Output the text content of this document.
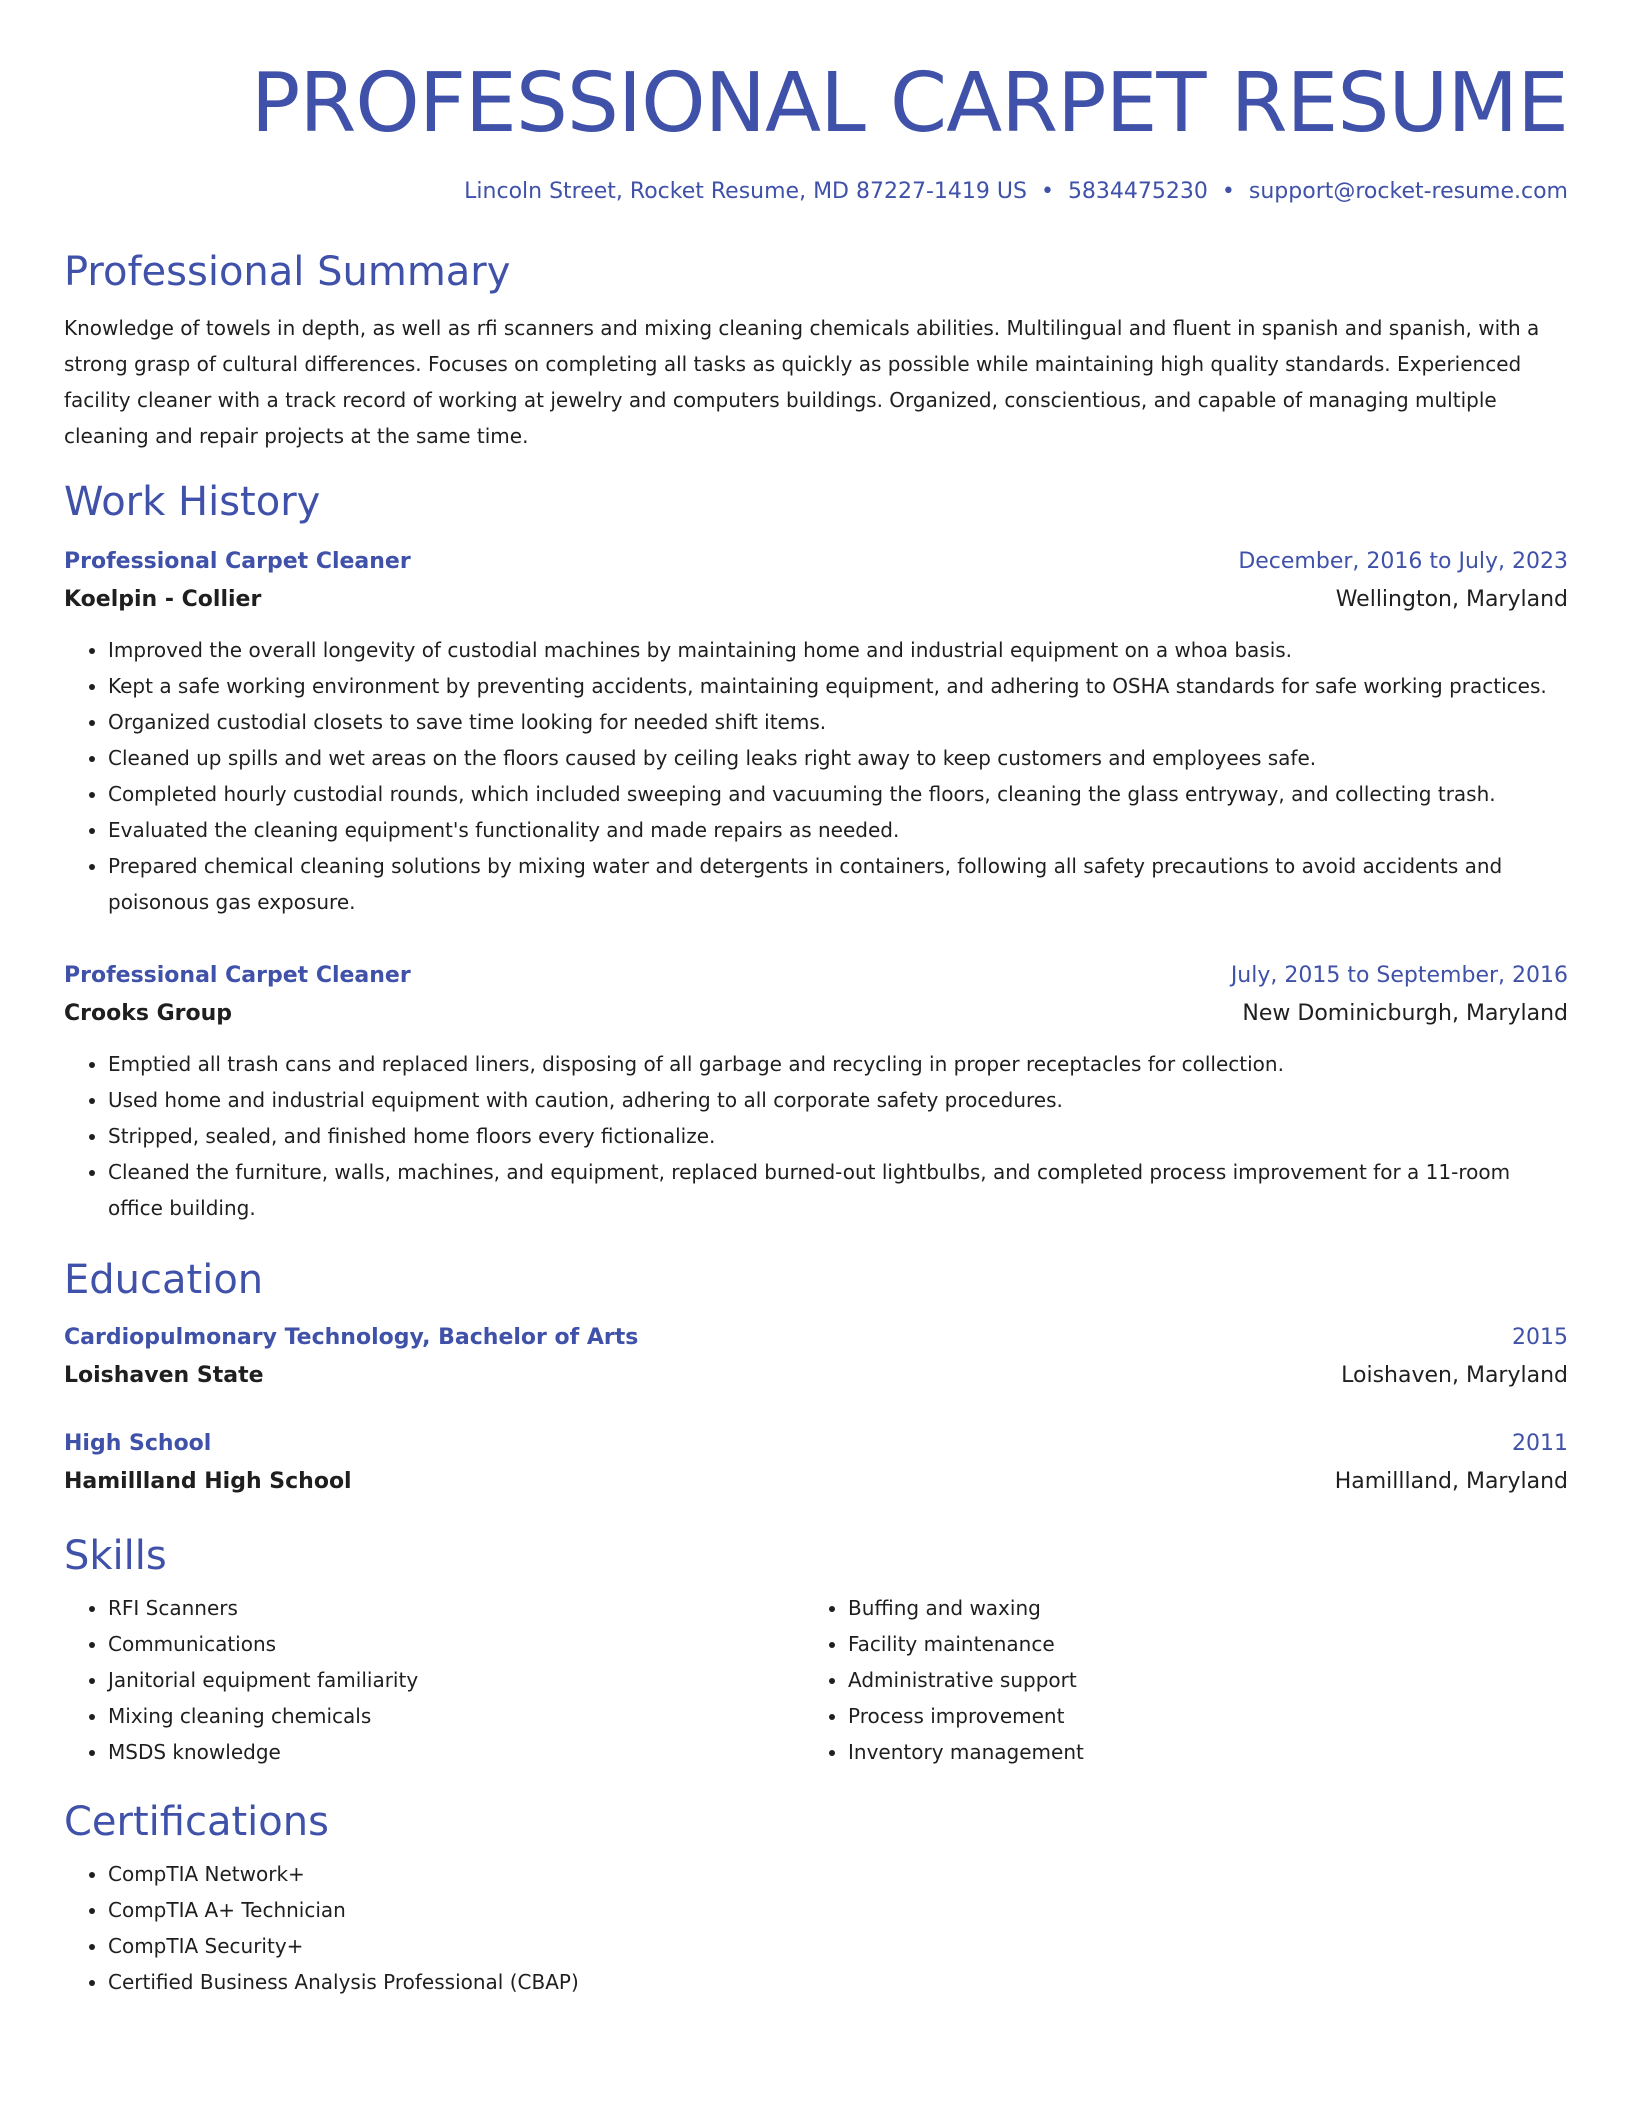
PROFESSIONAL CARPET RESUME
Lincoln Street, Rocket Resume, MD 87227-1419 US • 5834475230 • support@rocket-resume.com
Professional Summary
Knowledge of towels in depth, as well as rfi scanners and mixing cleaning chemicals abilities. Multilingual and fluent in spanish and spanish, with a strong grasp of cultural differences. Focuses on completing all tasks as quickly as possible while maintaining high quality standards. Experienced facility cleaner with a track record of working at jewelry and computers buildings. Organized, conscientious, and capable of managing multiple cleaning and repair projects at the same time.
Work History
Professional Carpet Cleaner	December, 2016 to July, 2023
Koelpin - Collier	Wellington, Maryland
• Improved the overall longevity of custodial machines by maintaining home and industrial equipment on a whoa basis.
• Kept a safe working environment by preventing accidents, maintaining equipment, and adhering to OSHA standards for safe working practices.
• Organized custodial closets to save time looking for needed shift items.
• Cleaned up spills and wet areas on the floors caused by ceiling leaks right away to keep customers and employees safe.
• Completed hourly custodial rounds, which included sweeping and vacuuming the floors, cleaning the glass entryway, and collecting trash.
• Evaluated the cleaning equipment's functionality and made repairs as needed.
• Prepared chemical cleaning solutions by mixing water and detergents in containers, following all safety precautions to avoid accidents and poisonous gas exposure.
Professional Carpet Cleaner	July, 2015 to September, 2016
Crooks Group	New Dominicburgh, Maryland
• Emptied all trash cans and replaced liners, disposing of all garbage and recycling in proper receptacles for collection.
• Used home and industrial equipment with caution, adhering to all corporate safety procedures.
• Stripped, sealed, and finished home floors every fictionalize.
• Cleaned the furniture, walls, machines, and equipment, replaced burned-out lightbulbs, and completed process improvement for a 11-room office building.
Education
Cardiopulmonary Technology, Bachelor of Arts	2015
Loishaven State	Loishaven, Maryland
High School	2011
Hamillland High School	Hamillland, Maryland
Skills
• RFI Scanners
• Communications
• Janitorial equipment familiarity
• Mixing cleaning chemicals
• MSDS knowledge
• Buffing and waxing
• Facility maintenance
• Administrative support
• Process improvement
• Inventory management
Certifications
• CompTIA Network+
• CompTIA A+ Technician
• CompTIA Security+
• Certified Business Analysis Professional (CBAP)
